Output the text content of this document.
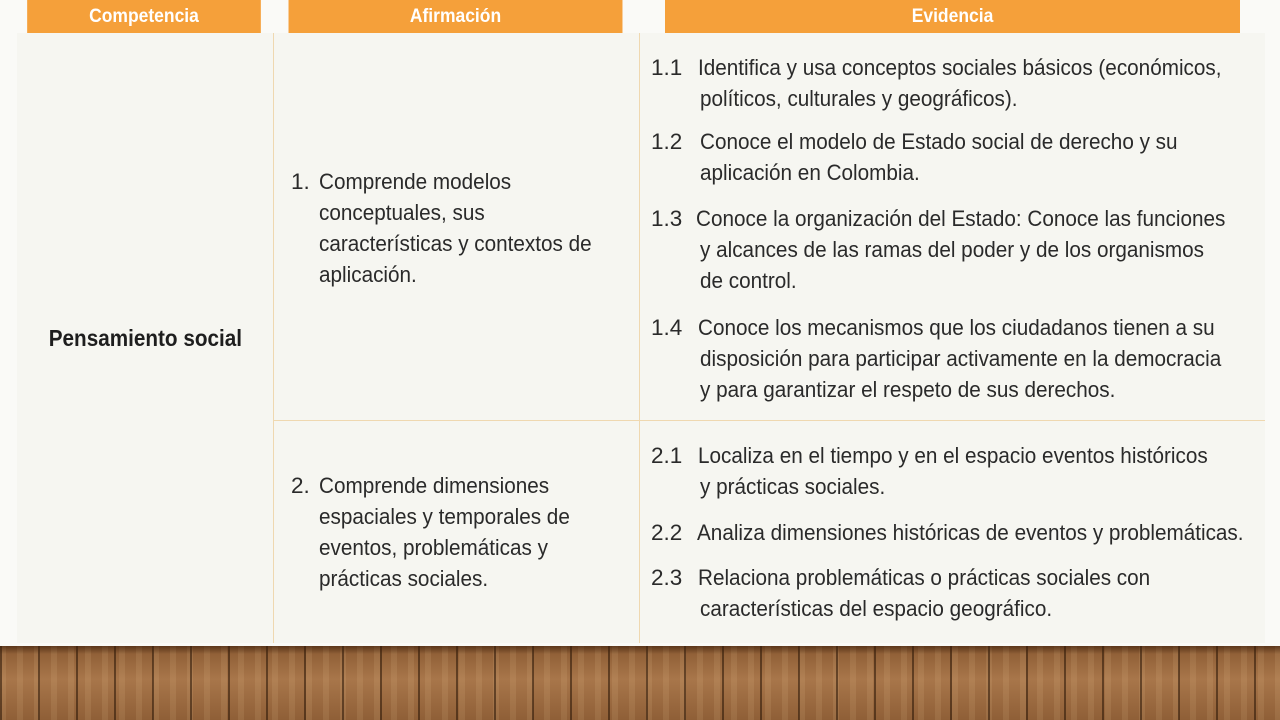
Competencia	Afirmación	Evidencia
Pensamiento social
1. Comprende modelos
conceptuales, sus
características y contextos de
aplicación.
2. Comprende dimensiones
espaciales y temporales de
eventos, problemáticas y
prácticas sociales.
1.1 Identifica y usa conceptos sociales básicos (económicos,
políticos, culturales y geográficos).
1.2 Conoce el modelo de Estado social de derecho y su
aplicación en Colombia.
1.3 Conoce la organización del Estado: Conoce las funciones
y alcances de las ramas del poder y de los organismos
de control.
1.4 Conoce los mecanismos que los ciudadanos tienen a su
disposición para participar activamente en la democracia
y para garantizar el respeto de sus derechos.
2.1 Localiza en el tiempo y en el espacio eventos históricos
y prácticas sociales.
2.2 Analiza dimensiones históricas de eventos y problemáticas.
2.3 Relaciona problemáticas o prácticas sociales con
características del espacio geográfico.
